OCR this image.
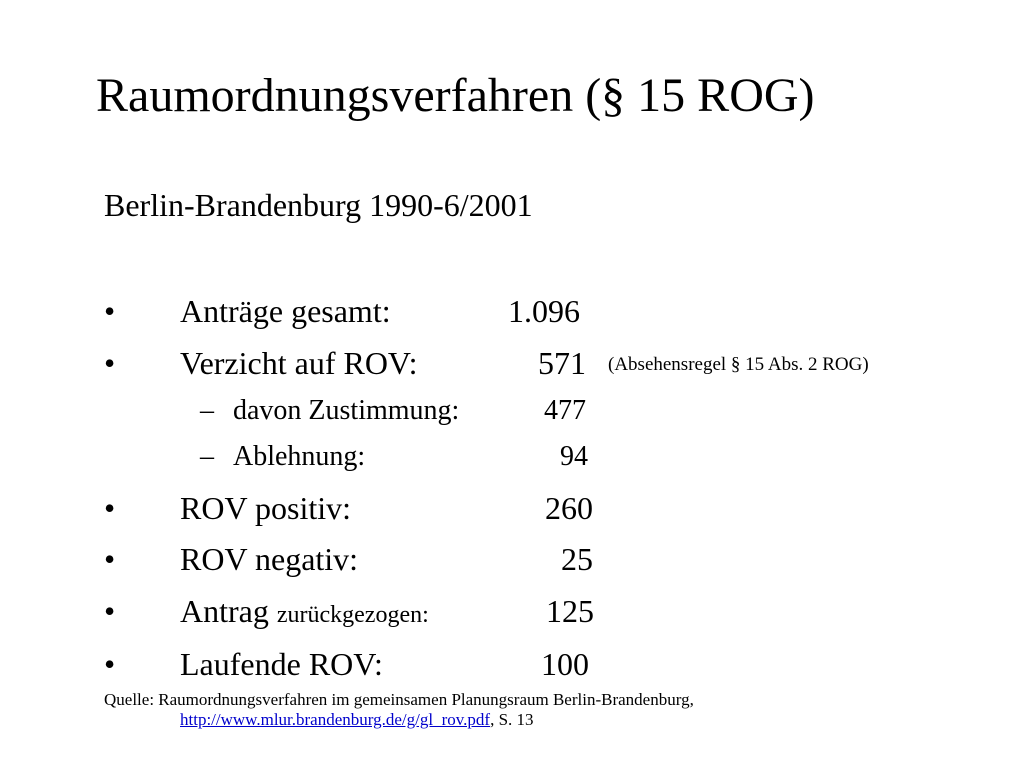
Raumordnungsverfahren (§ 15 ROG)
Berlin-Brandenburg 1990-6/2001
• Anträge gesamt:	1.096
• Verzicht auf ROV:	571 (Absehensregel § 15 Abs. 2 ROG)
– davon Zustimmung:	477
– Ablehnung:	94
• ROV positiv:	260
• ROV negativ:	25
• Antrag zurückgezogen:	125
• Laufende ROV:	100
Quelle: Raumordnungsverfahren im gemeinsamen Planungsraum Berlin-Brandenburg,
http://www.mlur.brandenburg.de/g/gl_rov.pdf, S. 13
